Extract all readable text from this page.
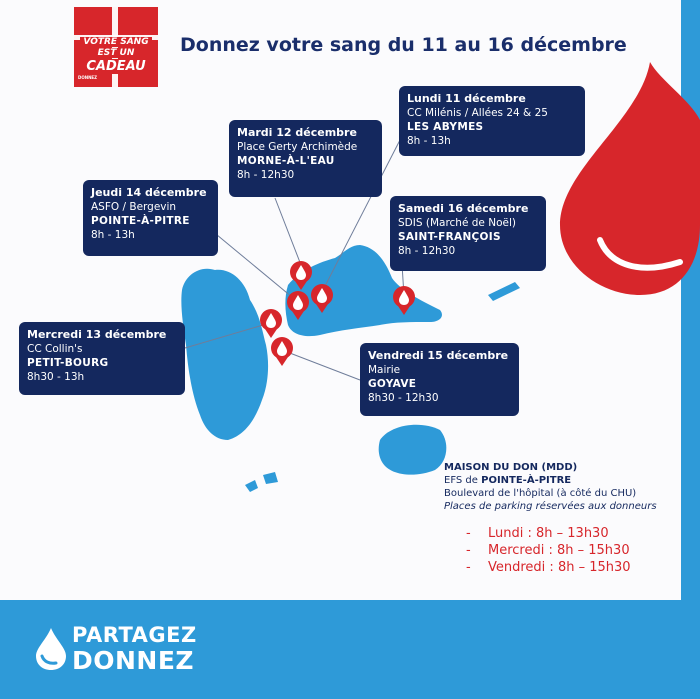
VOTRE SANG
EST UN
CADEAU
DONNEZ
Donnez votre sang du 11 au 16 décembre
Lundi 11 décembre
CC Milénis / Allées 24 & 25
LES ABYMES
8h - 13h
Mardi 12 décembre
Place Gerty Archimède
MORNE-À-L'EAU
8h - 12h30
Jeudi 14 décembre
ASFO / Bergevin
POINTE-À-PITRE
8h - 13h
Samedi 16 décembre
SDIS (Marché de Noël)
SAINT-FRANÇOIS
8h - 12h30
Mercredi 13 décembre
CC Collin's
PETIT-BOURG
8h30 - 13h
Vendredi 15 décembre
Mairie
GOYAVE
8h30 - 12h30
MAISON DU DON (MDD)
EFS de POINTE-À-PITRE
Boulevard de l'hôpital (à côté du CHU)
Places de parking réservées aux donneurs
- Lundi : 8h – 13h30
- Mercredi : 8h – 15h30
- Vendredi : 8h – 15h30
PARTAGEZ
DONNEZ
